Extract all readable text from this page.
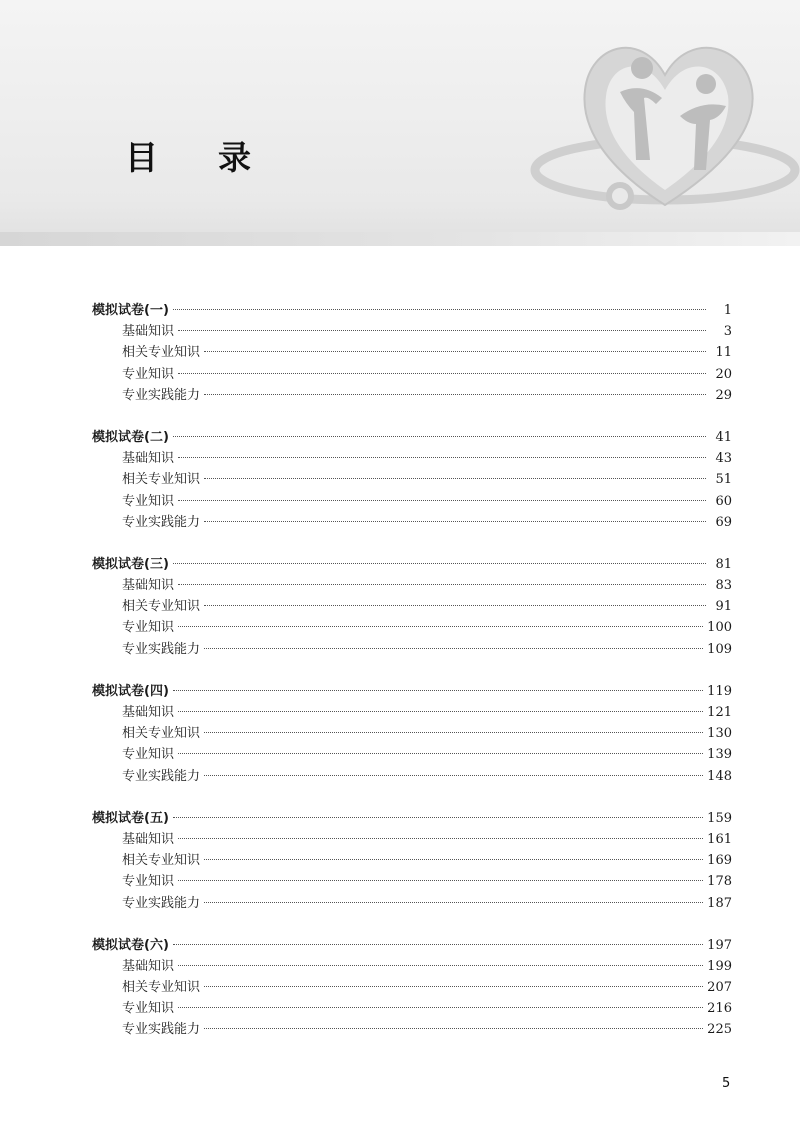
目 录
模拟试卷(一)	1
基础知识	3
相关专业知识	11
专业知识	20
专业实践能力	29
模拟试卷(二)	41
基础知识	43
相关专业知识	51
专业知识	60
专业实践能力	69
模拟试卷(三)	81
基础知识	83
相关专业知识	91
专业知识	100
专业实践能力	109
模拟试卷(四)	119
基础知识	121
相关专业知识	130
专业知识	139
专业实践能力	148
模拟试卷(五)	159
基础知识	161
相关专业知识	169
专业知识	178
专业实践能力	187
模拟试卷(六)	197
基础知识	199
相关专业知识	207
专业知识	216
专业实践能力	225
5
